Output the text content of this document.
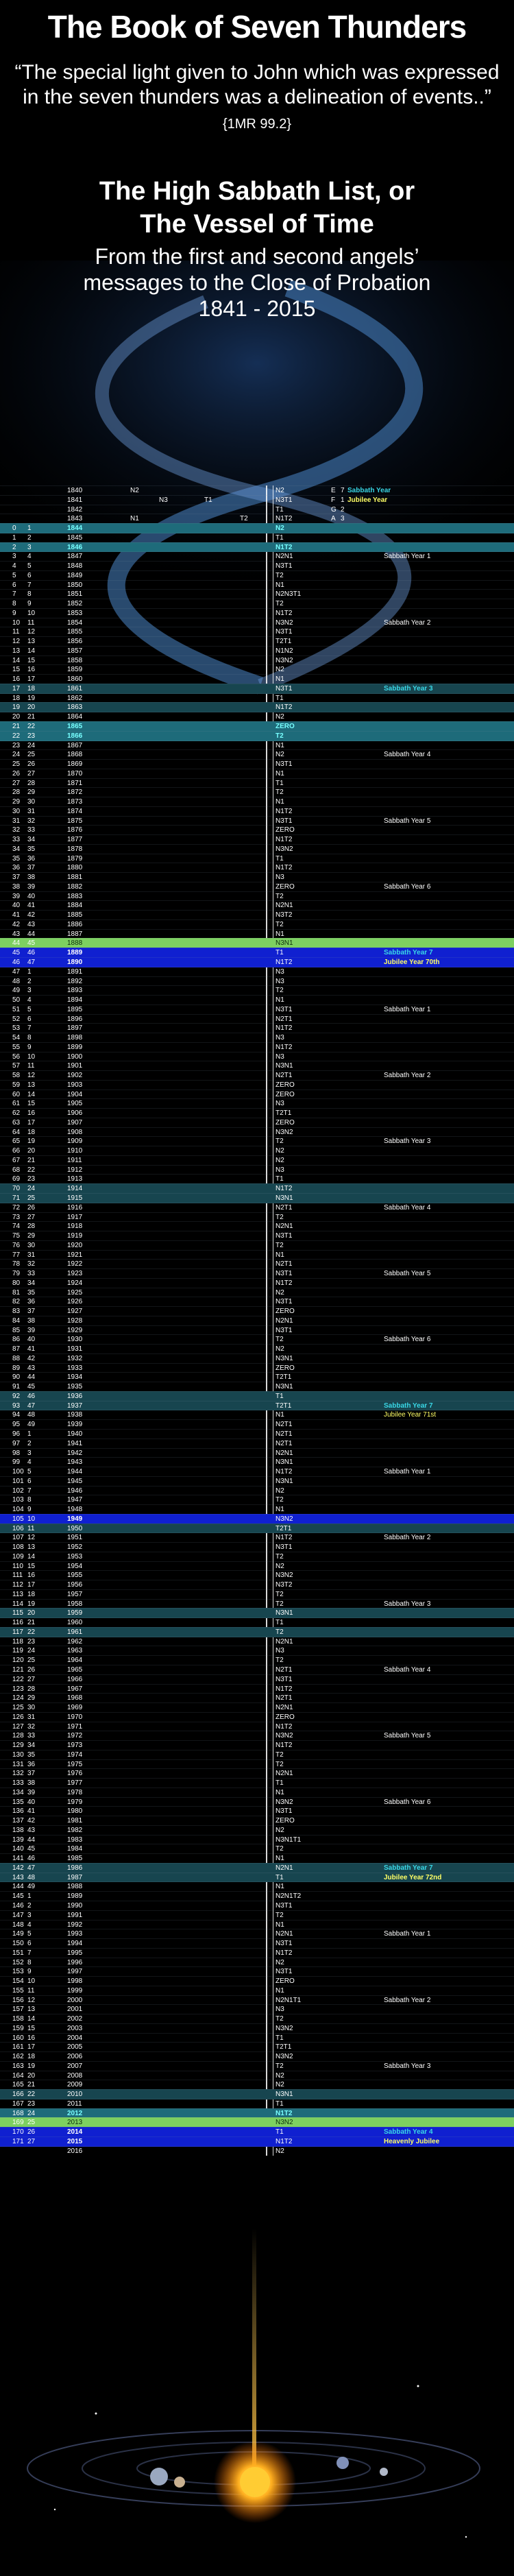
The Book of Seven Thunders
“The special light given to John which was expressed in the seven thunders was a delineation of events..” {1MR 99.2}
The High Sabbath List, or
The Vessel of Time
From the first and second angels’
messages to the Close of Probation
1841 - 2015
1840	N2	N2	E 7 Sabbath Year
1841	N3	T1	N3T1	F 1 Jubilee Year
1842	T1	G 2
1843	N1	T2	N1T2	A 3
0 1	1844	N2
1 2	1845	T1
2 3	1846	N1T2
3 4	1847	N2N1	Sabbath Year 1
4 5	1848	N3T1
5 6	1849	T2
6 7	1850	N1
7 8	1851	N2N3T1
8 9	1852	T2
9 10	1853	N1T2
10 11	1854	N3N2	Sabbath Year 2
11 12	1855	N3T1
12 13	1856	T2T1
13 14	1857	N1N2
14 15	1858	N3N2
15 16	1859	N2
16 17	1860	N1
17 18	1861	N3T1	Sabbath Year 3
18 19	1862	T1
19 20	1863	N1T2
20 21	1864	N2
21 22	1865	ZERO
22 23	1866	T2
23 24	1867	N1
24 25	1868	N2	Sabbath Year 4
25 26	1869	N3T1
26 27	1870	N1
27 28	1871	T1
28 29	1872	T2
29 30	1873	N1
30 31	1874	N1T2
31 32	1875	N3T1	Sabbath Year 5
32 33	1876	ZERO
33 34	1877	N1T2
34 35	1878	N3N2
35 36	1879	T1
36 37	1880	N1T2
37 38	1881	N3
38 39	1882	ZERO	Sabbath Year 6
39 40	1883	T2
40 41	1884	N2N1
41 42	1885	N3T2
42 43	1886	T2
43 44	1887	N1
44 45	1888	N3N1
45 46	1889	T1	Sabbath Year 7
46 47	1890	N1T2	Jubilee Year 70th
47 1	1891	N3
48 2	1892	N3
49 3	1893	T2
50 4	1894	N1
51 5	1895	N3T1	Sabbath Year 1
52 6	1896	N2T1
53 7	1897	N1T2
54 8	1898	N3
55 9	1899	N1T2
56 10	1900	N3
57 11	1901	N3N1
58 12	1902	N2T1	Sabbath Year 2
59 13	1903	ZERO
60 14	1904	ZERO
61 15	1905	N3
62 16	1906	T2T1
63 17	1907	ZERO
64 18	1908	N3N2
65 19	1909	T2	Sabbath Year 3
66 20	1910	N2
67 21	1911	N2
68 22	1912	N3
69 23	1913	T1
70 24	1914	N1T2
71 25	1915	N3N1
72 26	1916	N2T1	Sabbath Year 4
73 27	1917	T2
74 28	1918	N2N1
75 29	1919	N3T1
76 30	1920	T2
77 31	1921	N1
78 32	1922	N2T1
79 33	1923	N3T1	Sabbath Year 5
80 34	1924	N1T2
81 35	1925	N2
82 36	1926	N3T1
83 37	1927	ZERO
84 38	1928	N2N1
85 39	1929	N3T1
86 40	1930	T2	Sabbath Year 6
87 41	1931	N2
88 42	1932	N3N1
89 43	1933	ZERO
90 44	1934	T2T1
91 45	1935	N3N1
92 46	1936	T1
93 47	1937	T2T1	Sabbath Year 7
94 48	1938	N1	Jubilee Year 71st
95 49	1939	N2T1
96 1	1940	N2T1
97 2	1941	N2T1
98 3	1942	N2N1
99 4	1943	N3N1
100 5	1944	N1T2	Sabbath Year 1
101 6	1945	N3N1
102 7	1946	N2
103 8	1947	T2
104 9	1948	N1
105 10	1949	N3N2
106 11	1950	T2T1
107 12	1951	N1T2	Sabbath Year 2
108 13	1952	N3T1
109 14	1953	T2
110 15	1954	N2
111 16	1955	N3N2
112 17	1956	N3T2
113 18	1957	T2
114 19	1958	T2	Sabbath Year 3
115 20	1959	N3N1
116 21	1960	T1
117 22	1961	T2
118 23	1962	N2N1
119 24	1963	N3
120 25	1964	T2
121 26	1965	N2T1	Sabbath Year 4
122 27	1966	N3T1
123 28	1967	N1T2
124 29	1968	N2T1
125 30	1969	N2N1
126 31	1970	ZERO
127 32	1971	N1T2
128 33	1972	N3N2	Sabbath Year 5
129 34	1973	N1T2
130 35	1974	T2
131 36	1975	T2
132 37	1976	N2N1
133 38	1977	T1
134 39	1978	N1
135 40	1979	N3N2	Sabbath Year 6
136 41	1980	N3T1
137 42	1981	ZERO
138 43	1982	N2
139 44	1983	N3N1T1
140 45	1984	T2
141 46	1985	N1
142 47	1986	N2N1	Sabbath Year 7
143 48	1987	T1	Jubilee Year 72nd
144 49	1988	N1
145 1	1989	N2N1T2
146 2	1990	N3T1
147 3	1991	T2
148 4	1992	N1
149 5	1993	N2N1	Sabbath Year 1
150 6	1994	N3T1
151 7	1995	N1T2
152 8	1996	N2
153 9	1997	N3T1
154 10	1998	ZERO
155 11	1999	N1
156 12	2000	N2N1T1	Sabbath Year 2
157 13	2001	N3
158 14	2002	T2
159 15	2003	N3N2
160 16	2004	T1
161 17	2005	T2T1
162 18	2006	N3N2
163 19	2007	T2	Sabbath Year 3
164 20	2008	N2
165 21	2009	N2
166 22	2010	N3N1
167 23	2011	T1
168 24	2012	N1T2
169 25	2013	N3N2
170 26	2014	T1	Sabbath Year 4
171 27	2015	N1T2	Heavenly Jubilee
2016	N2
